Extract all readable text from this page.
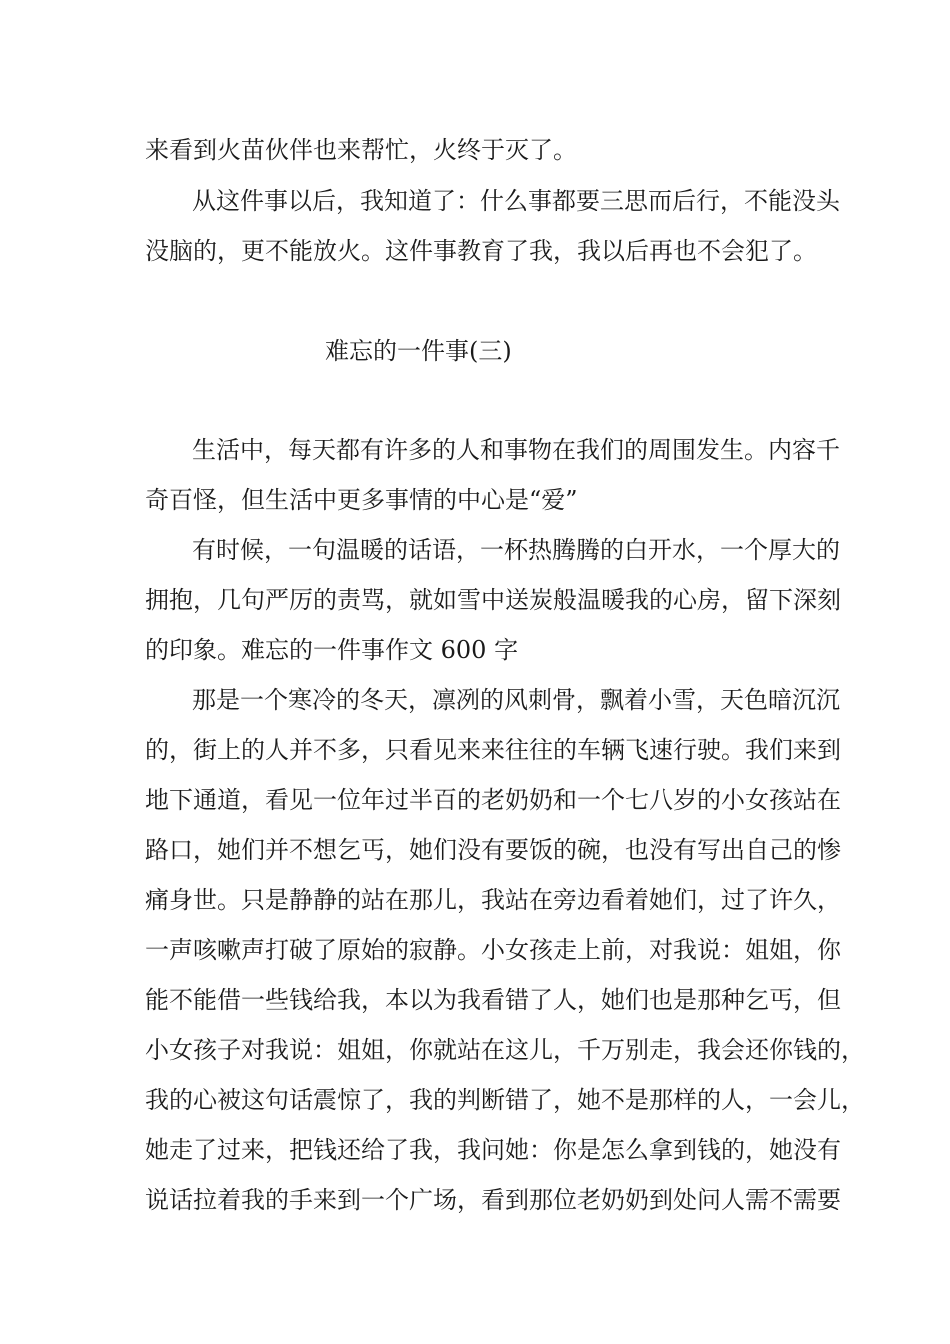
来看到火苗伙伴也来帮忙，火终于灭了。
从这件事以后，我知道了：什么事都要三思而后行，不能没头
没脑的，更不能放火。这件事教育了我，我以后再也不会犯了。
难忘的一件事(三)
生活中，每天都有许多的人和事物在我们的周围发生。内容千
奇百怪，但生活中更多事情的中心是“爱”
有时候，一句温暖的话语，一杯热腾腾的白开水，一个厚大的
拥抱，几句严厉的责骂，就如雪中送炭般温暖我的心房，留下深刻
的印象。难忘的一件事作文 600 字
那是一个寒冷的冬天，凛冽的风刺骨，飘着小雪，天色暗沉沉
的，街上的人并不多，只看见来来往往的车辆飞速行驶。我们来到
地下通道，看见一位年过半百的老奶奶和一个七八岁的小女孩站在
路口，她们并不想乞丐，她们没有要饭的碗，也没有写出自己的惨
痛身世。只是静静的站在那儿，我站在旁边看着她们，过了许久，
一声咳嗽声打破了原始的寂静。小女孩走上前，对我说：姐姐，你
能不能借一些钱给我，本以为我看错了人，她们也是那种乞丐，但
小女孩子对我说：姐姐，你就站在这儿，千万别走，我会还你钱的，
我的心被这句话震惊了，我的判断错了，她不是那样的人，一会儿，
她走了过来，把钱还给了我，我问她：你是怎么拿到钱的，她没有
说话拉着我的手来到一个广场，看到那位老奶奶到处问人需不需要
